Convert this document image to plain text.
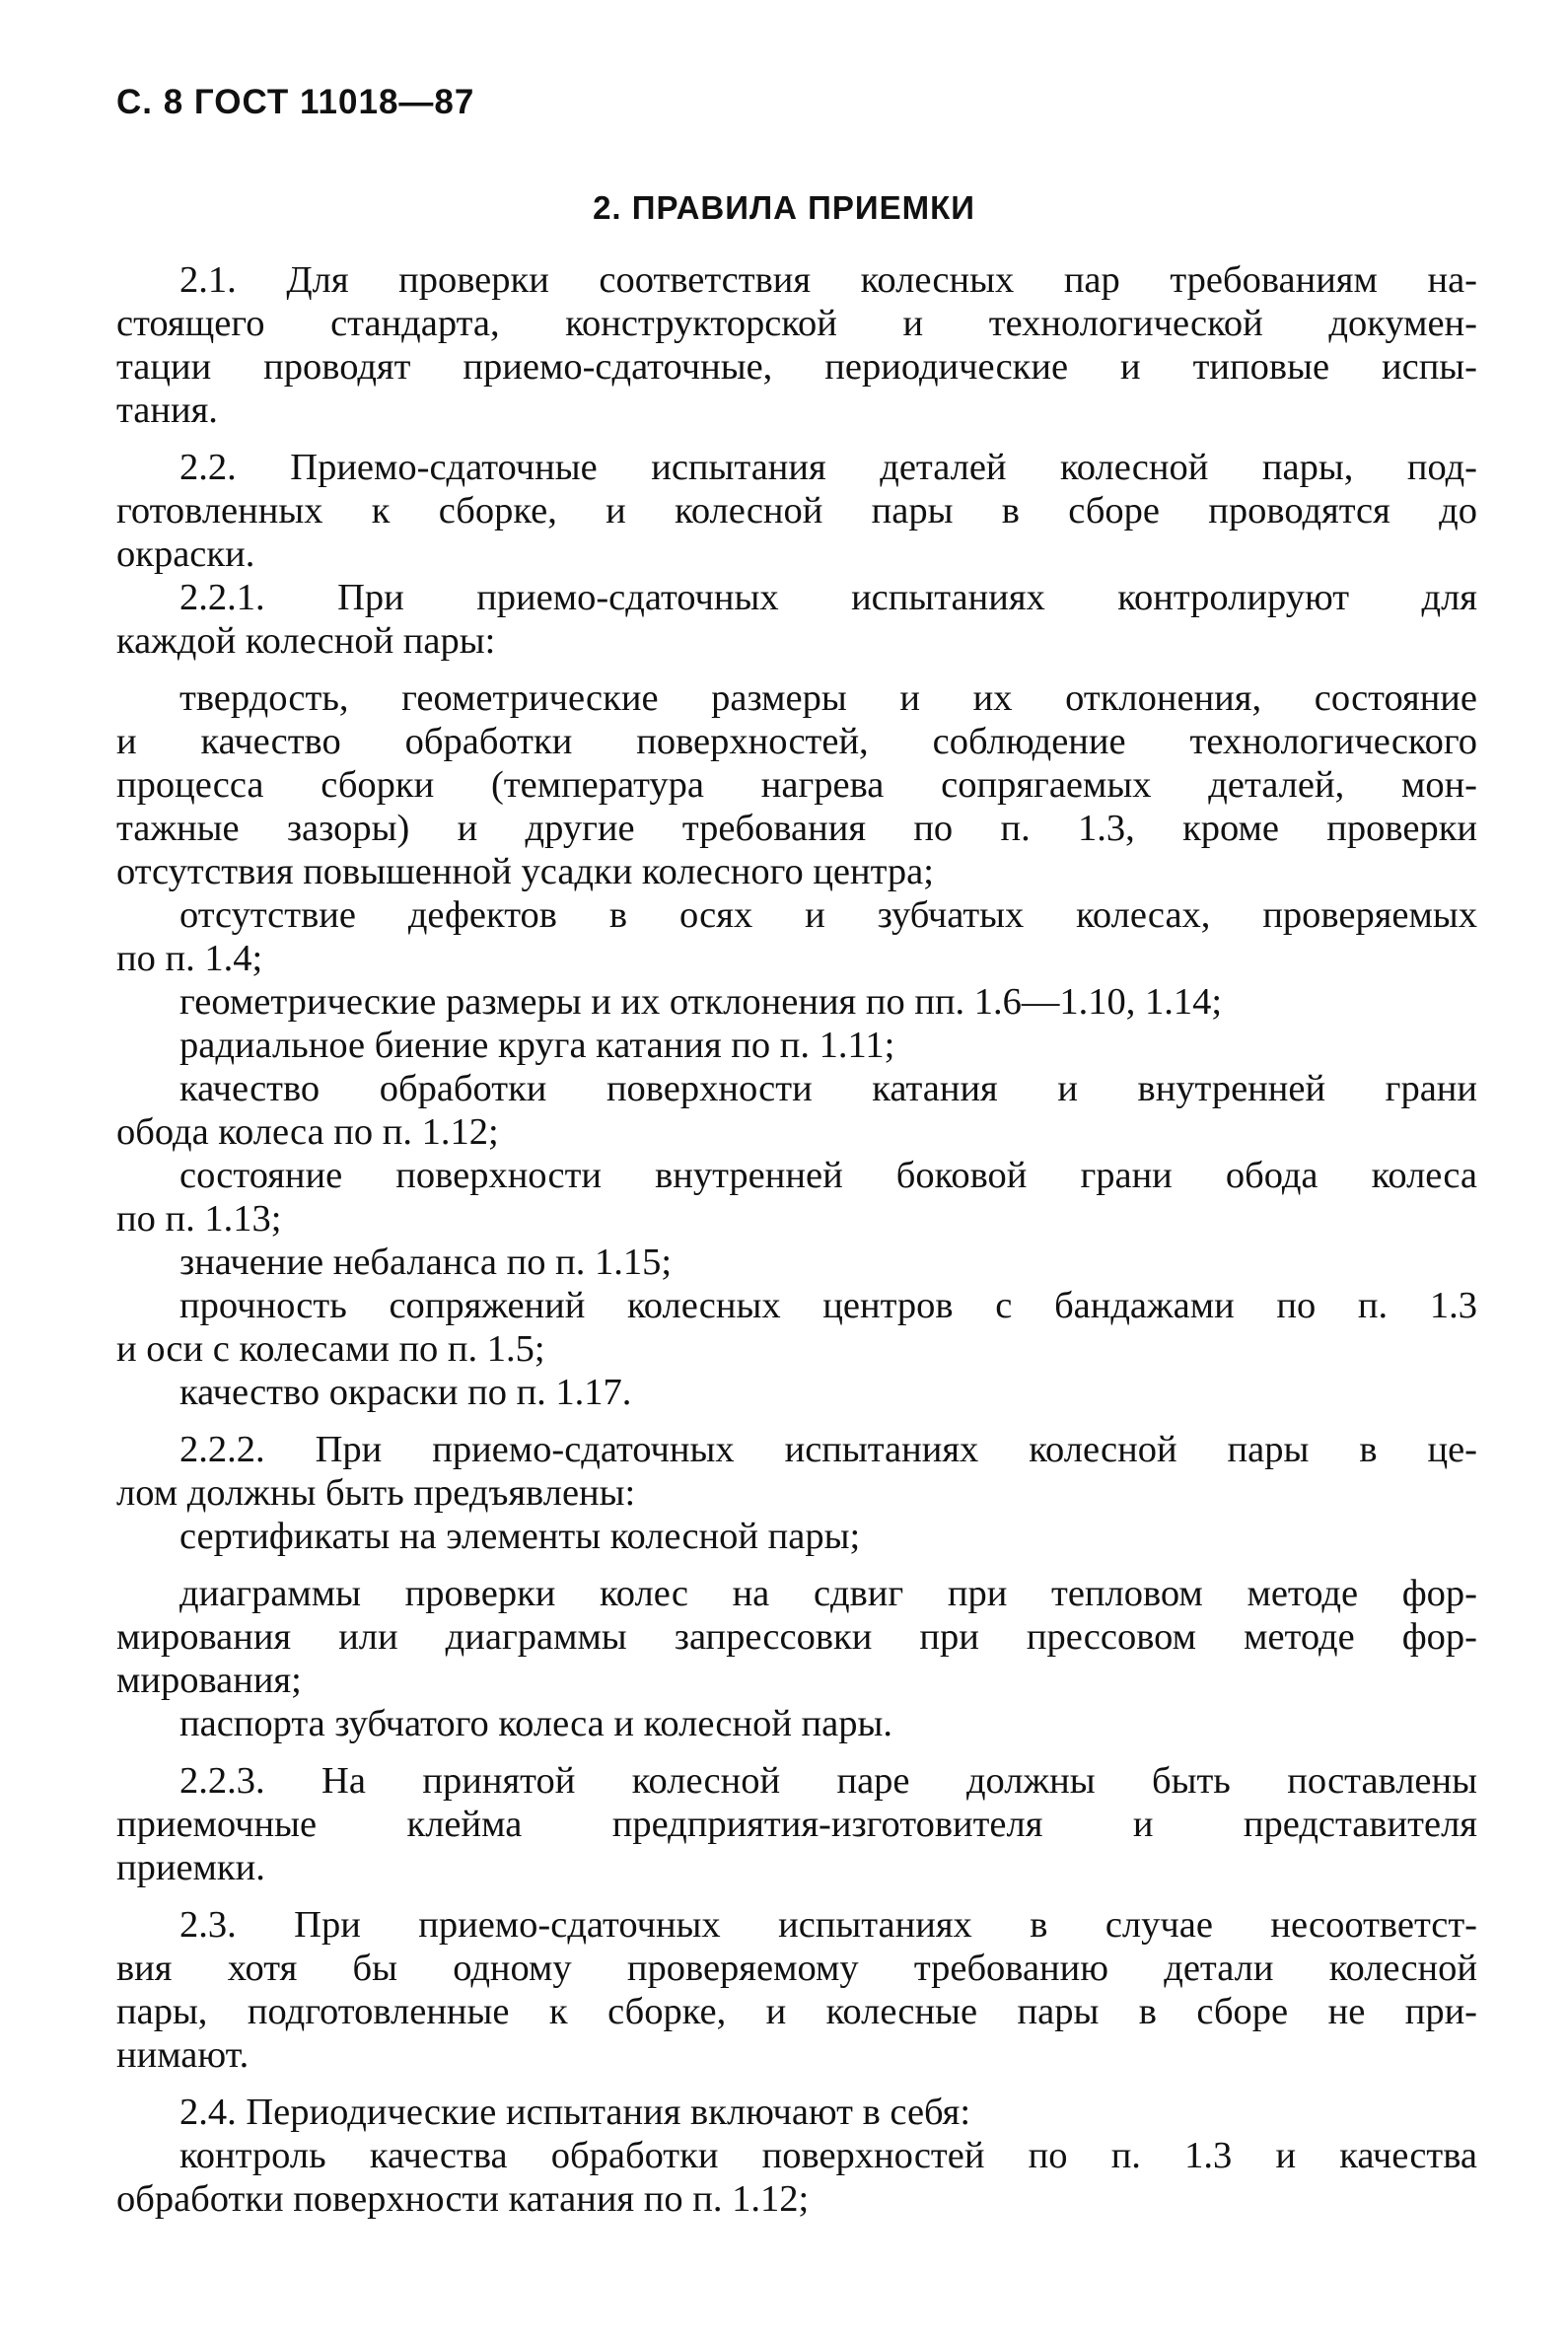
С. 8 ГОСТ 11018—87
2. ПРАВИЛА ПРИЕМКИ
2.1. Для проверки соответствия колесных пар требованиям на-
стоящего стандарта, конструкторской и технологической докумен-
тации проводят приемо-сдаточные, периодические и типовые испы-
тания.
2.2. Приемо-сдаточные испытания деталей колесной пары, под-
готовленных к сборке, и колесной пары в сборе проводятся до
окраски.
2.2.1. При приемо-сдаточных испытаниях контролируют для
каждой колесной пары:
твердость, геометрические размеры и их отклонения, состояние
и качество обработки поверхностей, соблюдение технологического
процесса сборки (температура нагрева сопрягаемых деталей, мон-
тажные зазоры) и другие требования по п. 1.3, кроме проверки
отсутствия повышенной усадки колесного центра;
отсутствие дефектов в осях и зубчатых колесах, проверяемых
по п. 1.4;
геометрические размеры и их отклонения по пп. 1.6—1.10, 1.14;
радиальное биение круга катания по п. 1.11;
качество обработки поверхности катания и внутренней грани
обода колеса по п. 1.12;
состояние поверхности внутренней боковой грани обода колеса
по п. 1.13;
значение небаланса по п. 1.15;
прочность сопряжений колесных центров с бандажами по п. 1.3
и оси с колесами по п. 1.5;
качество окраски по п. 1.17.
2.2.2. При приемо-сдаточных испытаниях колесной пары в це-
лом должны быть предъявлены:
сертификаты на элементы колесной пары;
диаграммы проверки колес на сдвиг при тепловом методе фор-
мирования или диаграммы запрессовки при прессовом методе фор-
мирования;
паспорта зубчатого колеса и колесной пары.
2.2.3. На принятой колесной паре должны быть поставлены
приемочные клейма предприятия-изготовителя и представителя
приемки.
2.3. При приемо-сдаточных испытаниях в случае несоответст-
вия хотя бы одному проверяемому требованию детали колесной
пары, подготовленные к сборке, и колесные пары в сборе не при-
нимают.
2.4. Периодические испытания включают в себя:
контроль качества обработки поверхностей по п. 1.3 и качества
обработки поверхности катания по п. 1.12;
